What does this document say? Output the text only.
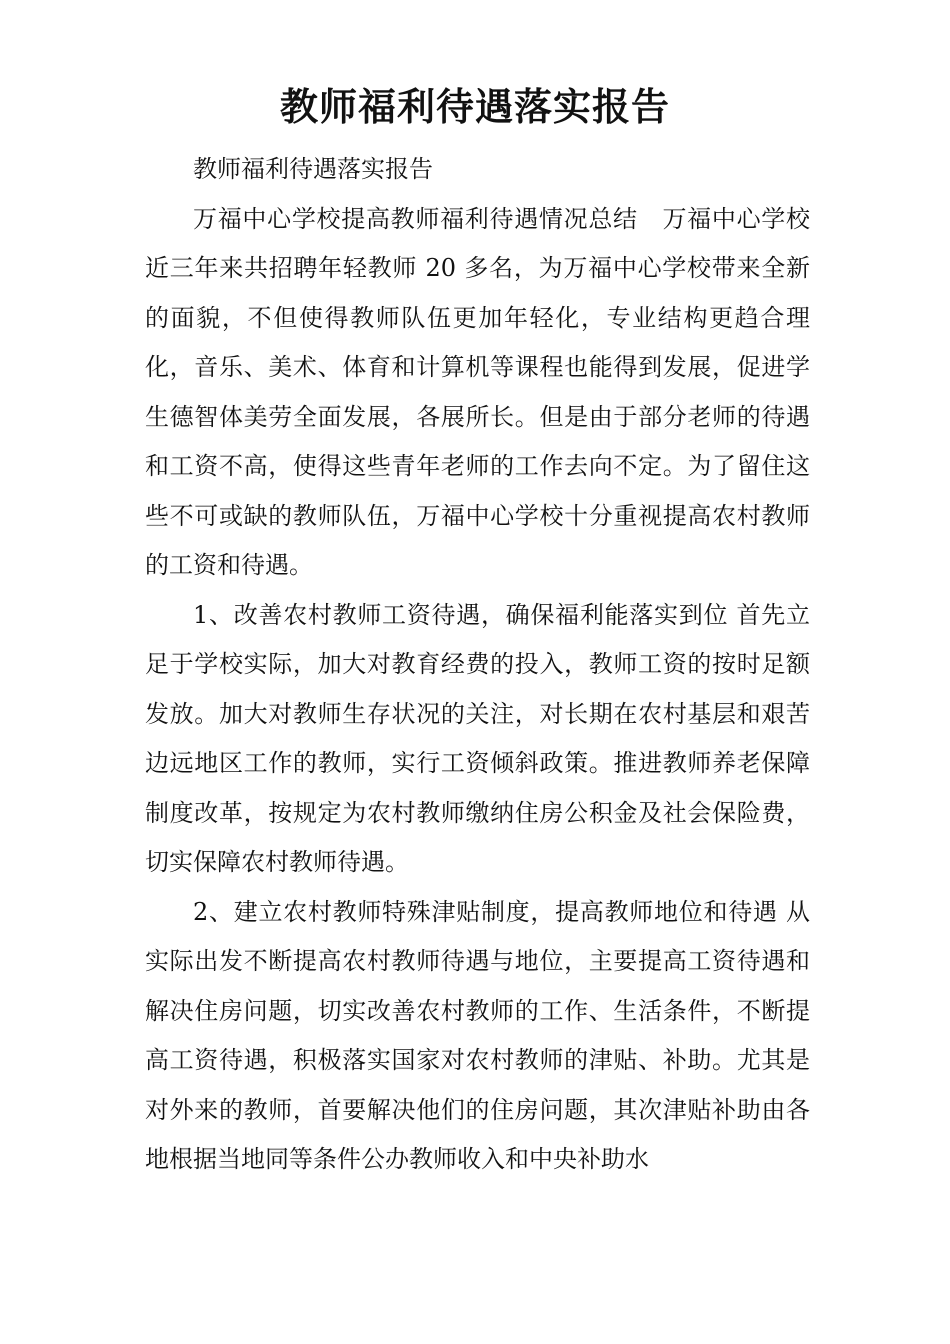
教师福利待遇落实报告

教师福利待遇落实报告

万福中心学校提高教师福利待遇情况总结　万福中心学校近三年来共招聘年轻教师 20 多名，为万福中心学校带来全新的面貌，不但使得教师队伍更加年轻化，专业结构更趋合理化，音乐、美术、体育和计算机等课程也能得到发展，促进学生德智体美劳全面发展，各展所长。但是由于部分老师的待遇和工资不高，使得这些青年老师的工作去向不定。为了留住这些不可或缺的教师队伍，万福中心学校十分重视提高农村教师的工资和待遇。

1、改善农村教师工资待遇，确保福利能落实到位 首先立足于学校实际，加大对教育经费的投入，教师工资的按时足额发放。加大对教师生存状况的关注，对长期在农村基层和艰苦边远地区工作的教师，实行工资倾斜政策。推进教师养老保障制度改革，按规定为农村教师缴纳住房公积金及社会保险费，切实保障农村教师待遇。

2、建立农村教师特殊津贴制度，提高教师地位和待遇 从实际出发不断提高农村教师待遇与地位，主要提高工资待遇和解决住房问题，切实改善农村教师的工作、生活条件，不断提高工资待遇，积极落实国家对农村教师的津贴、补助。尤其是对外来的教师，首要解决他们的住房问题，其次津贴补助由各地根据当地同等条件公办教师收入和中央补助水
